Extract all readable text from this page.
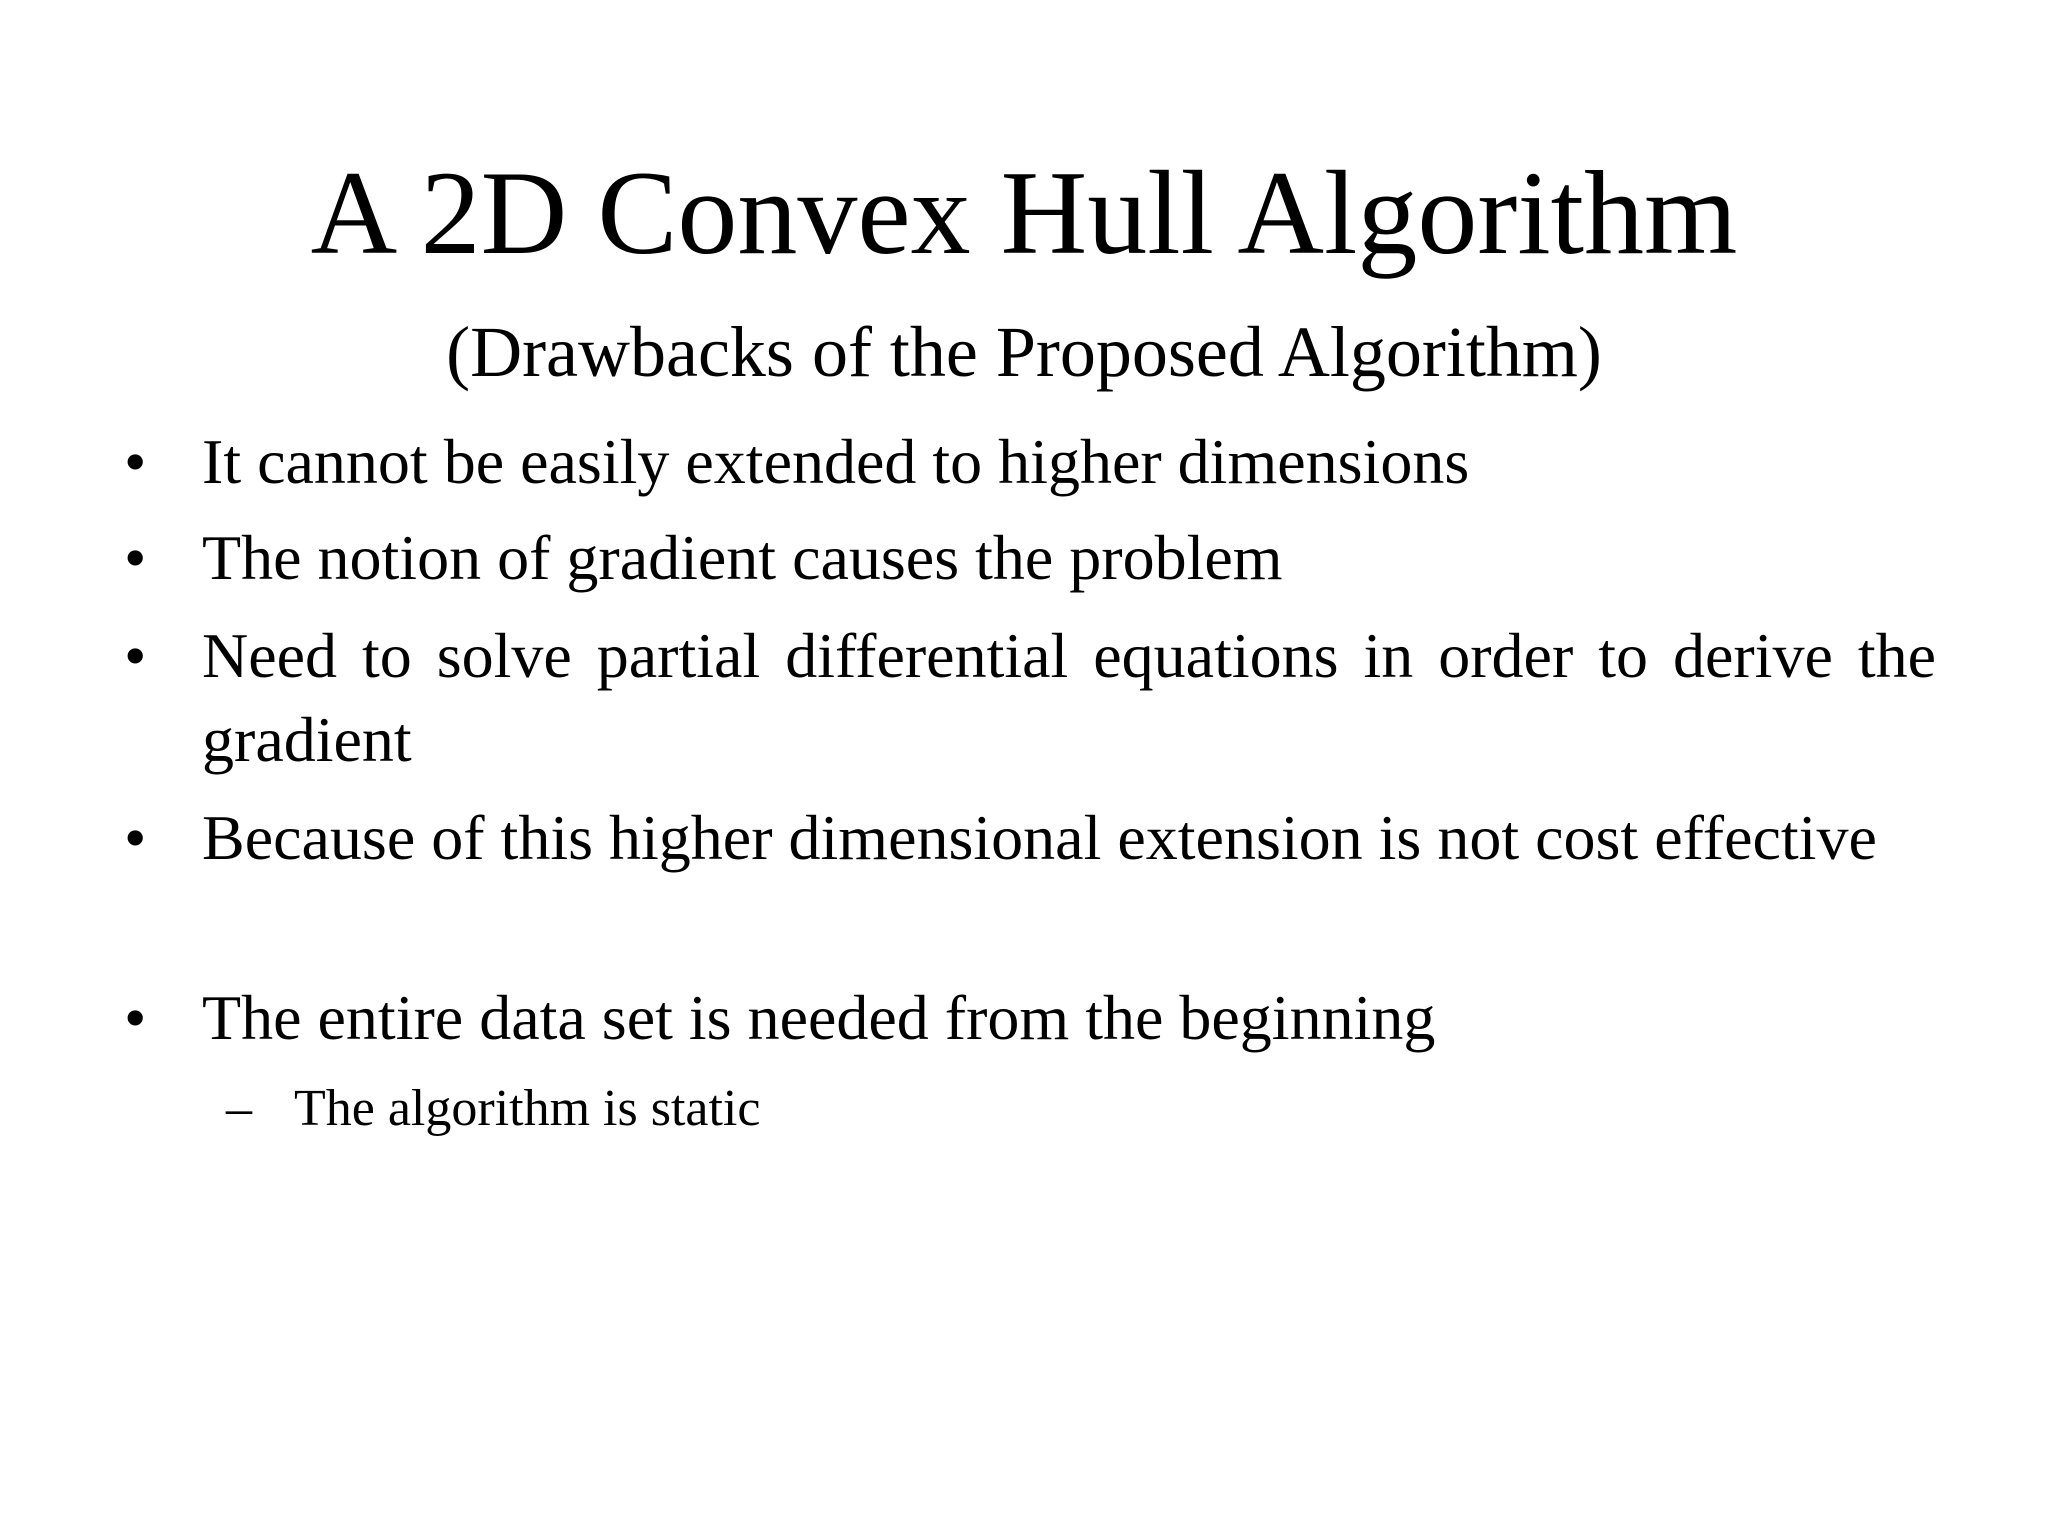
A 2D Convex Hull Algorithm
(Drawbacks of the Proposed Algorithm)
• It cannot be easily extended to higher dimensions
• The notion of gradient causes the problem
• Need to solve partial differential equations in order to derive the gradient
• Because of this higher dimensional extension is not cost effective
• The entire data set is needed from the beginning
– The algorithm is static
